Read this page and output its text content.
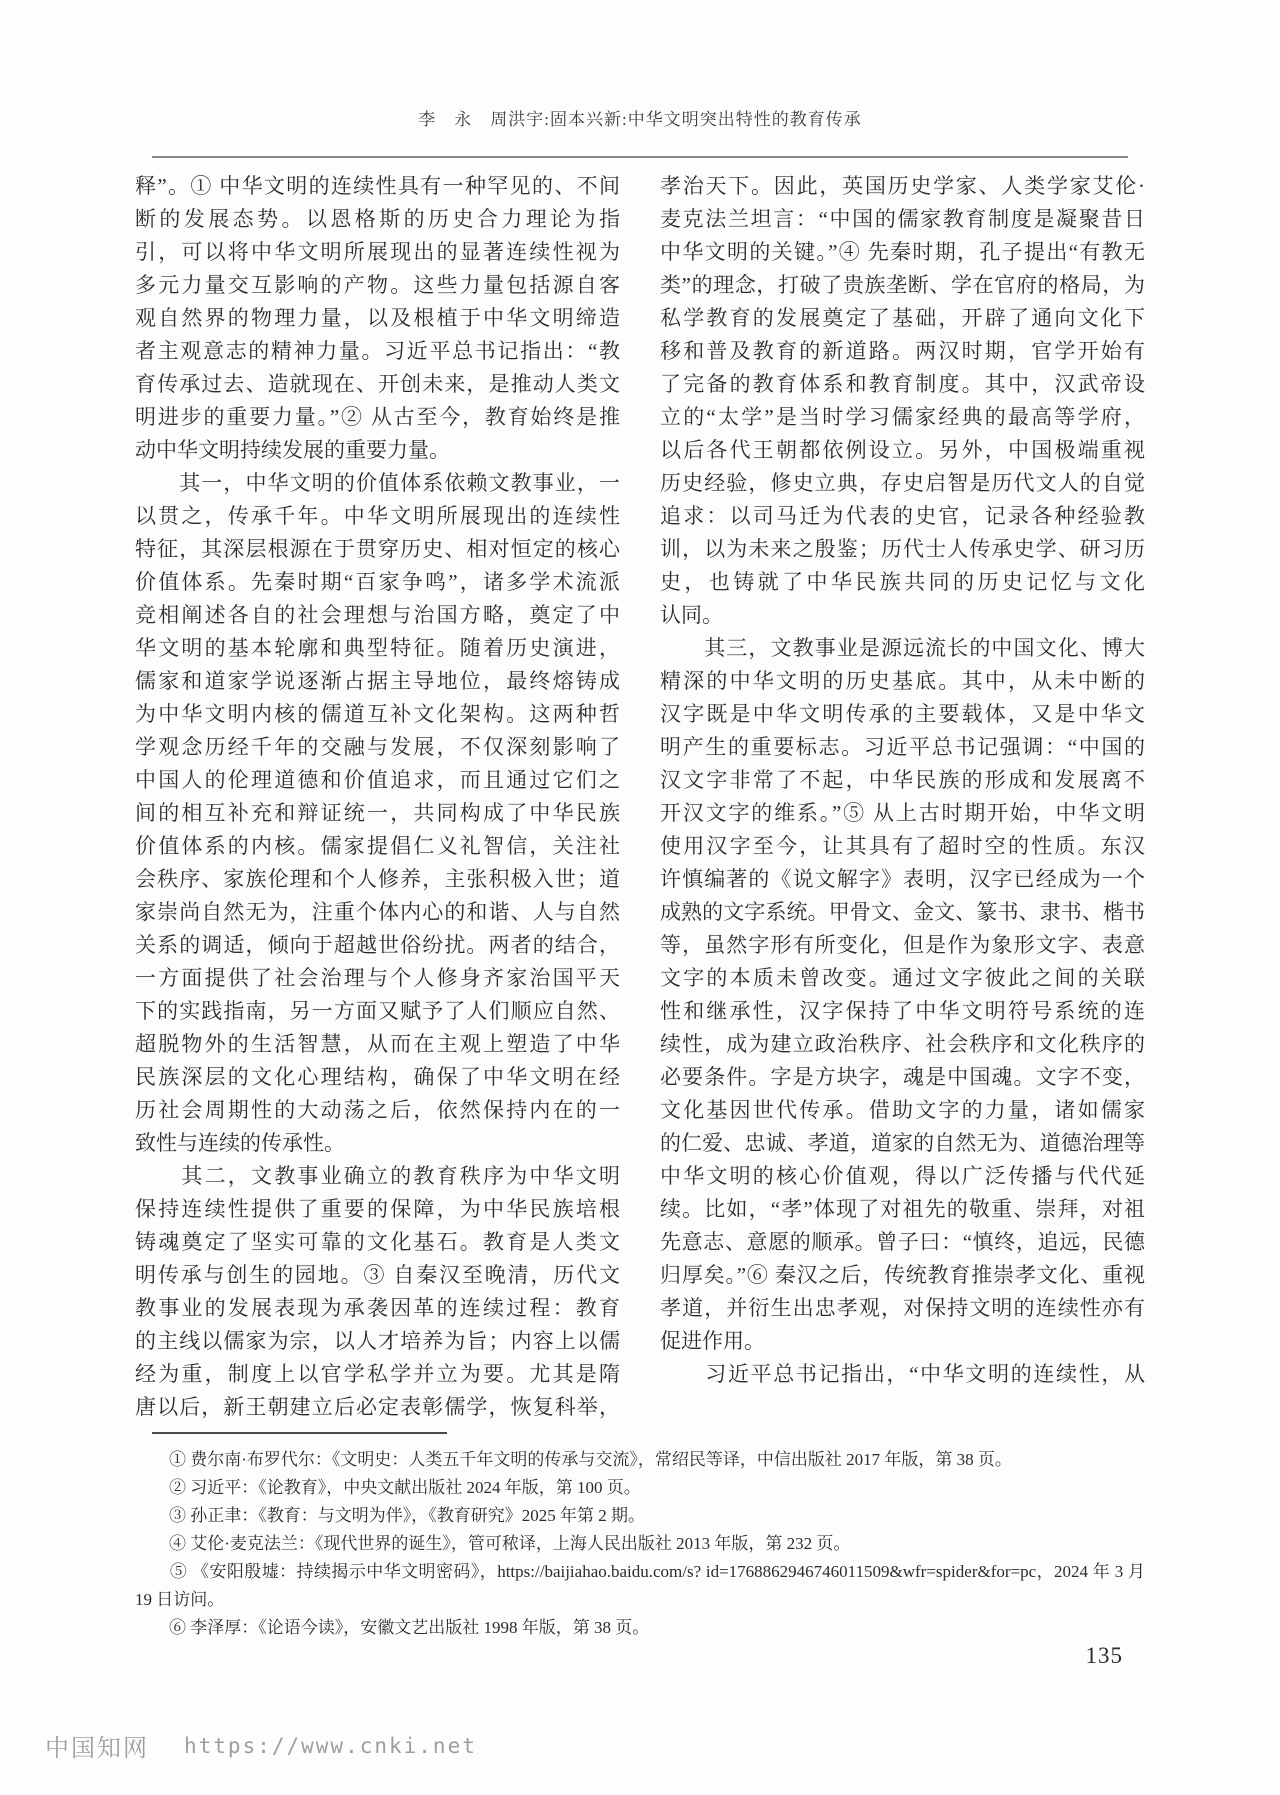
李　永　周洪宇:固本兴新:中华文明突出特性的教育传承
释”。① 中华文明的连续性具有一种罕见的、不间
断的发展态势。以恩格斯的历史合力理论为指
引，可以将中华文明所展现出的显著连续性视为
多元力量交互影响的产物。这些力量包括源自客
观自然界的物理力量，以及根植于中华文明缔造
者主观意志的精神力量。习近平总书记指出：“教
育传承过去、造就现在、开创未来，是推动人类文
明进步的重要力量。”② 从古至今，教育始终是推
动中华文明持续发展的重要力量。
　　其一，中华文明的价值体系依赖文教事业，一
以贯之，传承千年。中华文明所展现出的连续性
特征，其深层根源在于贯穿历史、相对恒定的核心
价值体系。先秦时期“百家争鸣”，诸多学术流派
竞相阐述各自的社会理想与治国方略，奠定了中
华文明的基本轮廓和典型特征。随着历史演进，
儒家和道家学说逐渐占据主导地位，最终熔铸成
为中华文明内核的儒道互补文化架构。这两种哲
学观念历经千年的交融与发展，不仅深刻影响了
中国人的伦理道德和价值追求，而且通过它们之
间的相互补充和辩证统一，共同构成了中华民族
价值体系的内核。儒家提倡仁义礼智信，关注社
会秩序、家族伦理和个人修养，主张积极入世；道
家崇尚自然无为，注重个体内心的和谐、人与自然
关系的调适，倾向于超越世俗纷扰。两者的结合，
一方面提供了社会治理与个人修身齐家治国平天
下的实践指南，另一方面又赋予了人们顺应自然、
超脱物外的生活智慧，从而在主观上塑造了中华
民族深层的文化心理结构，确保了中华文明在经
历社会周期性的大动荡之后，依然保持内在的一
致性与连续的传承性。
　　其二，文教事业确立的教育秩序为中华文明
保持连续性提供了重要的保障，为中华民族培根
铸魂奠定了坚实可靠的文化基石。教育是人类文
明传承与创生的园地。③ 自秦汉至晚清，历代文
教事业的发展表现为承袭因革的连续过程：教育
的主线以儒家为宗，以人才培养为旨；内容上以儒
经为重，制度上以官学私学并立为要。尤其是隋
唐以后，新王朝建立后必定表彰儒学，恢复科举，
孝治天下。因此，英国历史学家、人类学家艾伦·
麦克法兰坦言：“中国的儒家教育制度是凝聚昔日
中华文明的关键。”④ 先秦时期，孔子提出“有教无
类”的理念，打破了贵族垄断、学在官府的格局，为
私学教育的发展奠定了基础，开辟了通向文化下
移和普及教育的新道路。两汉时期，官学开始有
了完备的教育体系和教育制度。其中，汉武帝设
立的“太学”是当时学习儒家经典的最高等学府，
以后各代王朝都依例设立。另外，中国极端重视
历史经验，修史立典，存史启智是历代文人的自觉
追求：以司马迁为代表的史官，记录各种经验教
训，以为未来之殷鉴；历代士人传承史学、研习历
史，也铸就了中华民族共同的历史记忆与文化
认同。
　　其三，文教事业是源远流长的中国文化、博大
精深的中华文明的历史基底。其中，从未中断的
汉字既是中华文明传承的主要载体，又是中华文
明产生的重要标志。习近平总书记强调：“中国的
汉文字非常了不起，中华民族的形成和发展离不
开汉文字的维系。”⑤ 从上古时期开始，中华文明
使用汉字至今，让其具有了超时空的性质。东汉
许慎编著的《说文解字》表明，汉字已经成为一个
成熟的文字系统。甲骨文、金文、篆书、隶书、楷书
等，虽然字形有所变化，但是作为象形文字、表意
文字的本质未曾改变。通过文字彼此之间的关联
性和继承性，汉字保持了中华文明符号系统的连
续性，成为建立政治秩序、社会秩序和文化秩序的
必要条件。字是方块字，魂是中国魂。文字不变，
文化基因世代传承。借助文字的力量，诸如儒家
的仁爱、忠诚、孝道，道家的自然无为、道德治理等
中华文明的核心价值观，得以广泛传播与代代延
续。比如，“孝”体现了对祖先的敬重、崇拜，对祖
先意志、意愿的顺承。曾子曰：“慎终，追远，民德
归厚矣。”⑥ 秦汉之后，传统教育推崇孝文化、重视
孝道，并衍生出忠孝观，对保持文明的连续性亦有
促进作用。
　　习近平总书记指出，“中华文明的连续性，从
　　① 费尔南·布罗代尔：《文明史：人类五千年文明的传承与交流》，常绍民等译，中信出版社 2017 年版，第 38 页。
　　② 习近平：《论教育》，中央文献出版社 2024 年版，第 100 页。
　　③ 孙正聿：《教育：与文明为伴》，《教育研究》2025 年第 2 期。
　　④ 艾伦·麦克法兰：《现代世界的诞生》，管可秾译，上海人民出版社 2013 年版，第 232 页。
　　⑤ 《安阳殷墟：持续揭示中华文明密码》，https://baijiahao.baidu.com/s? id=1768862946746011509&wfr=spider&for=pc，2024 年 3 月
19 日访问。
　　⑥ 李泽厚：《论语今读》，安徽文艺出版社 1998 年版，第 38 页。
135
中国知网 https://www.cnki.net
